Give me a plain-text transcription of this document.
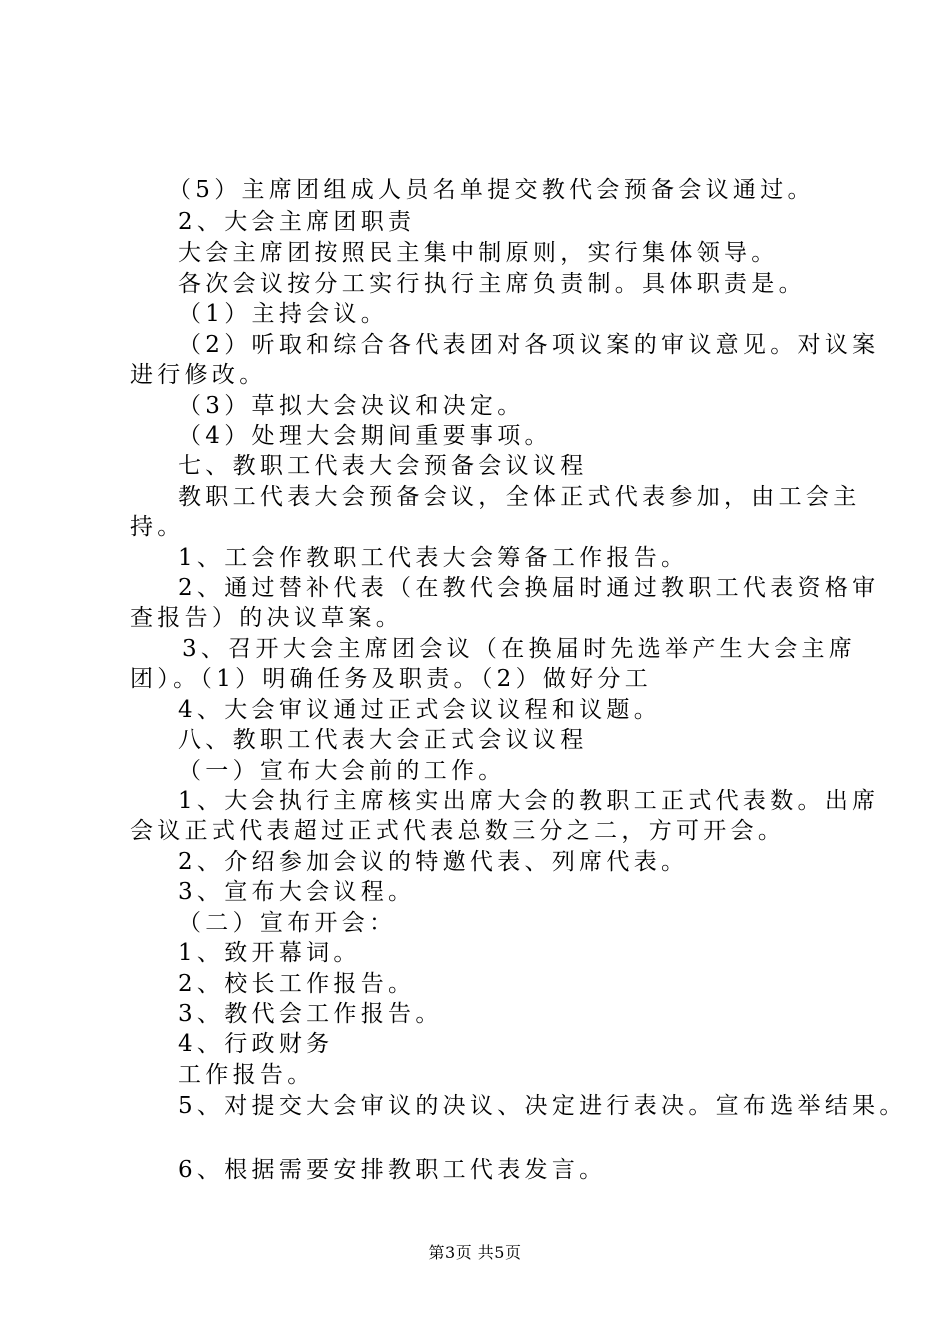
（5）主席团组成人员名单提交教代会预备会议通过。
2、大会主席团职责
大会主席团按照民主集中制原则，实行集体领导。
各次会议按分工实行执行主席负责制。具体职责是。
（1）主持会议。
（2）听取和综合各代表团对各项议案的审议意见。对议案
进行修改。
（3）草拟大会决议和决定。
（4）处理大会期间重要事项。
七、教职工代表大会预备会议议程
教职工代表大会预备会议，全体正式代表参加，由工会主
持。
1、工会作教职工代表大会筹备工作报告。
2、通过替补代表（在教代会换届时通过教职工代表资格审
查报告）的决议草案。
3、召开大会主席团会议（在换届时先选举产生大会主席
团）。（1）明确任务及职责。（2）做好分工
4、大会审议通过正式会议议程和议题。
八、教职工代表大会正式会议议程
（一）宣布大会前的工作。
1、大会执行主席核实出席大会的教职工正式代表数。出席
会议正式代表超过正式代表总数三分之二，方可开会。
2、介绍参加会议的特邀代表、列席代表。
3、宣布大会议程。
（二）宣布开会：
1、致开幕词。
2、校长工作报告。
3、教代会工作报告。
4、行政财务
工作报告。
5、对提交大会审议的决议、决定进行表决。宣布选举结果。
6、根据需要安排教职工代表发言。
第3页 共5页
